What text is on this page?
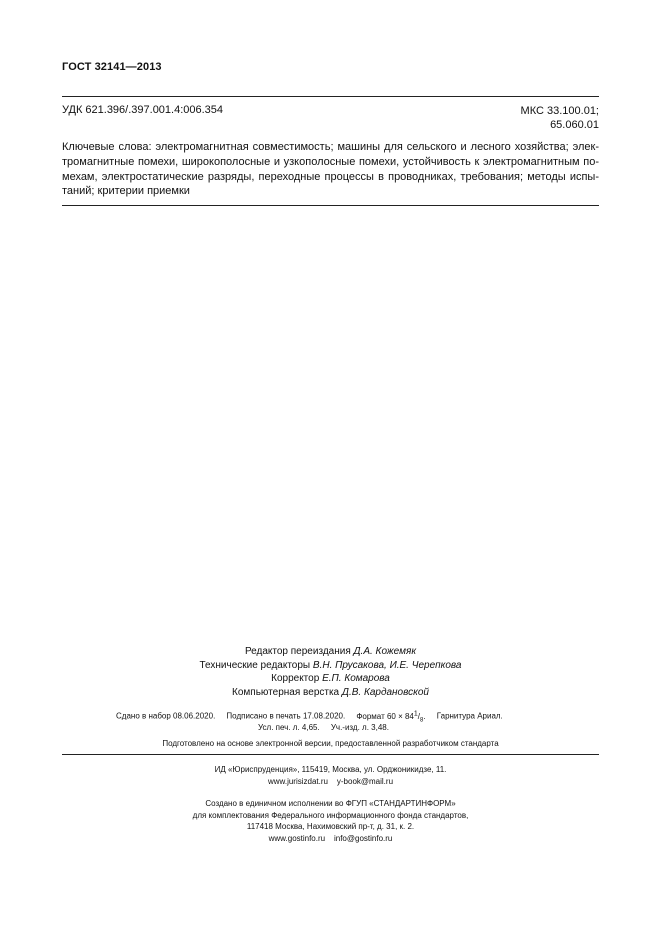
ГОСТ 32141—2013
УДК 621.396/.397.001.4:006.354	МКС 33.100.01;
65.060.01
Ключевые слова: электромагнитная совместимость; машины для сельского и лесного хозяйства; элек-
тромагнитные помехи, широкополосные и узкополосные помехи, устойчивость к электромагнитным по-
мехам, электростатические разряды, переходные процессы в проводниках, требования; методы испы-
таний; критерии приемки
Редактор переиздания Д.А. Кожемяк
Технические редакторы В.Н. Прусакова, И.Е. Черепкова
Корректор Е.П. Комарова
Компьютерная верстка Д.В. Кардановской
Сдано в набор 08.06.2020. Подписано в печать 17.08.2020. Формат $60 \times 84^1/_8$. Гарнитура Ариал.
Усл. печ. л. 4,65. Уч.-изд. л. 3,48.
Подготовлено на основе электронной версии, предоставленной разработчиком стандарта
ИД «Юриспруденция», 115419, Москва, ул. Орджоникидзе, 11.
www.jurisizdat.ru y-book@mail.ru
Создано в единичном исполнении во ФГУП «СТАНДАРТИНФОРМ»
для комплектования Федерального информационного фонда стандартов,
117418 Москва, Нахимовский пр-т, д. 31, к. 2.
www.gostinfo.ru info@gostinfo.ru
